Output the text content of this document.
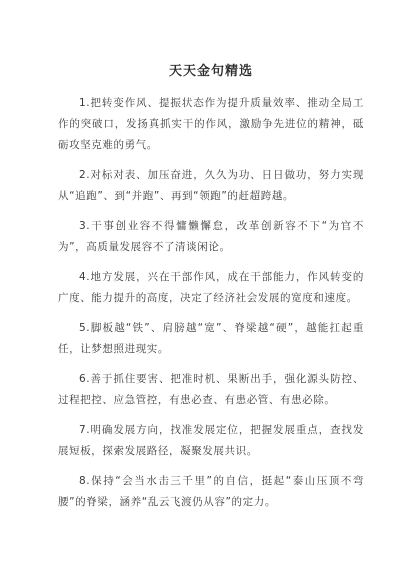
天天金句精选

1.把转变作风、提振状态作为提升质量效率、推动全局工作的突破口，发扬真抓实干的作风，激励争先进位的精神，砥砺攻坚克难的勇气。

2.对标对表、加压奋进，久久为功、日日做功，努力实现从“追跑”、到“并跑”、再到“领跑”的赶超跨越。

3.干事创业容不得慵懒懈怠，改革创新容不下“为官不为”，高质量发展容不了清谈闲论。

4.地方发展，兴在干部作风，成在干部能力，作风转变的广度、能力提升的高度，决定了经济社会发展的宽度和速度。

5.脚板越“铁”、肩膀越“宽”、脊梁越“硬”，越能扛起重任，让梦想照进现实。

6.善于抓住要害、把准时机、果断出手，强化源头防控、过程把控、应急管控，有患必查、有患必管、有患必除。

7.明确发展方向，找准发展定位，把握发展重点，查找发展短板，探索发展路径，凝聚发展共识。

8.保持“会当水击三千里”的自信，挺起“泰山压顶不弯腰”的脊梁，涵养“乱云飞渡仍从容”的定力。
